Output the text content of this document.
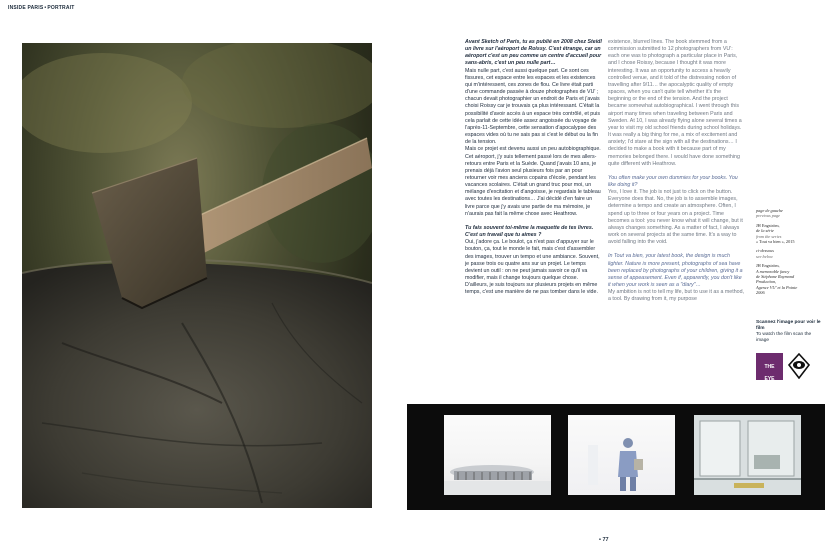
INSIDE PARIS•PORTRAIT

Avant Sketch of Paris, tu as publié en 2008 chez Steidl un livre sur l'aéroport de Roissy. C'est étrange, car un aéroport c'est un peu comme un centre d'accueil pour sans-abris, c'est un peu nulle part…

Mais nulle part, c'est aussi quelque part. Ce sont ces fissures, cet espace entre les espaces et les existences qui m'intéressent, ces zones de flou. Ce livre était parti d'une commande passée à douze photographes de VU' ; chacun devait photographier un endroit de Paris et j'avais choisi Roissy car je trouvais ça plus intéressant. C'était la possibilité d'avoir accès à un espace très contrôlé, et puis cela parlait de cette idée assez angoissée du voyage de l'après-11-Septembre, cette sensation d'apocalypse des espaces vides où tu ne sais pas si c'est le début ou la fin de la tension.

Mais ce projet est devenu aussi un peu autobiographique. Cet aéroport, j'y suis tellement passé lors de mes allers-retours entre Paris et la Suède. Quand j'avais 10 ans, je prenais déjà l'avion seul plusieurs fois par an pour retourner voir mes anciens copains d'école, pendant les vacances scolaires. C'était un grand truc pour moi, un mélange d'excitation et d'angoisse, je regardais le tableau avec toutes les destinations… J'ai décidé d'en faire un livre parce que j'y avais une partie de ma mémoire, je n'aurais pas fait la même chose avec Heathrow.

Tu fais souvent toi-même la maquette de tes livres. C'est un travail que tu aimes ?

Oui, j'adore ça. Le boulot, ça n'est pas d'appuyer sur le bouton, ça, tout le monde le fait, mais c'est d'assembler des images, trouver un tempo et une ambiance. Souvent, je passe trois ou quatre ans sur un projet. Le temps devient un outil : on ne peut jamais savoir ce qu'il va modifier, mais il change toujours quelque chose. D'ailleurs, je suis toujours sur plusieurs projets en même temps, c'est une manière de ne pas tomber dans le vide.

existence, blurred lines. The book stemmed from a commission submitted to 12 photographers from VU': each one was to photograph a particular place in Paris, and I chose Roissy, because I thought it was more interesting. It was an opportunity to access a heavily controlled venue, and it told of the distressing notion of travelling after 9/11… the apocalyptic quality of empty spaces, when you can't quite tell whether it's the beginning or the end of the tension. And the project became somewhat autobiographical. I went through this airport many times when traveling between Paris and Sweden. At 10, I was already flying alone several times a year to visit my old school friends during school holidays. It was really a big thing for me, a mix of excitement and anxiety; I'd stare at the sign with all the destinations… I decided to make a book with it because part of my memories belonged there. I would have done something quite different with Heathrow.

You often make your own dummies for your books. You like doing it?

Yes, I love it. The job is not just to click on the button. Everyone does that. No, the job is to assemble images, determine a tempo and create an atmosphere. Often, I spend up to three or four years on a project. Time becomes a tool: you never know what it will change, but it always changes something. As a matter of fact, I always work on several projects at the same time. It's a way to avoid falling into the void.

In Tout va bien, your latest book, the design is much lighter. Nature is more present, photographs of sea have been replaced by photographs of your children, giving it a sense of appeasement. Even if, apparently, you don't like it when your work is seen as a "diary"…

My ambition is not to tell my life, but to use it as a method, a tool. By drawing from it, my purpose

page de gauche
previous page
JH Engström,
de la série
from the series
« Tout va bien », 2015
ci-dessous
see below
JH Engström,
A memorable fancy
de Stéphane Raymond
Production,
Agence VU' et la Pointe
2006
Scannez l'image pour voir le film
To watch the film scan the image
THE
EYE
S
• 77
